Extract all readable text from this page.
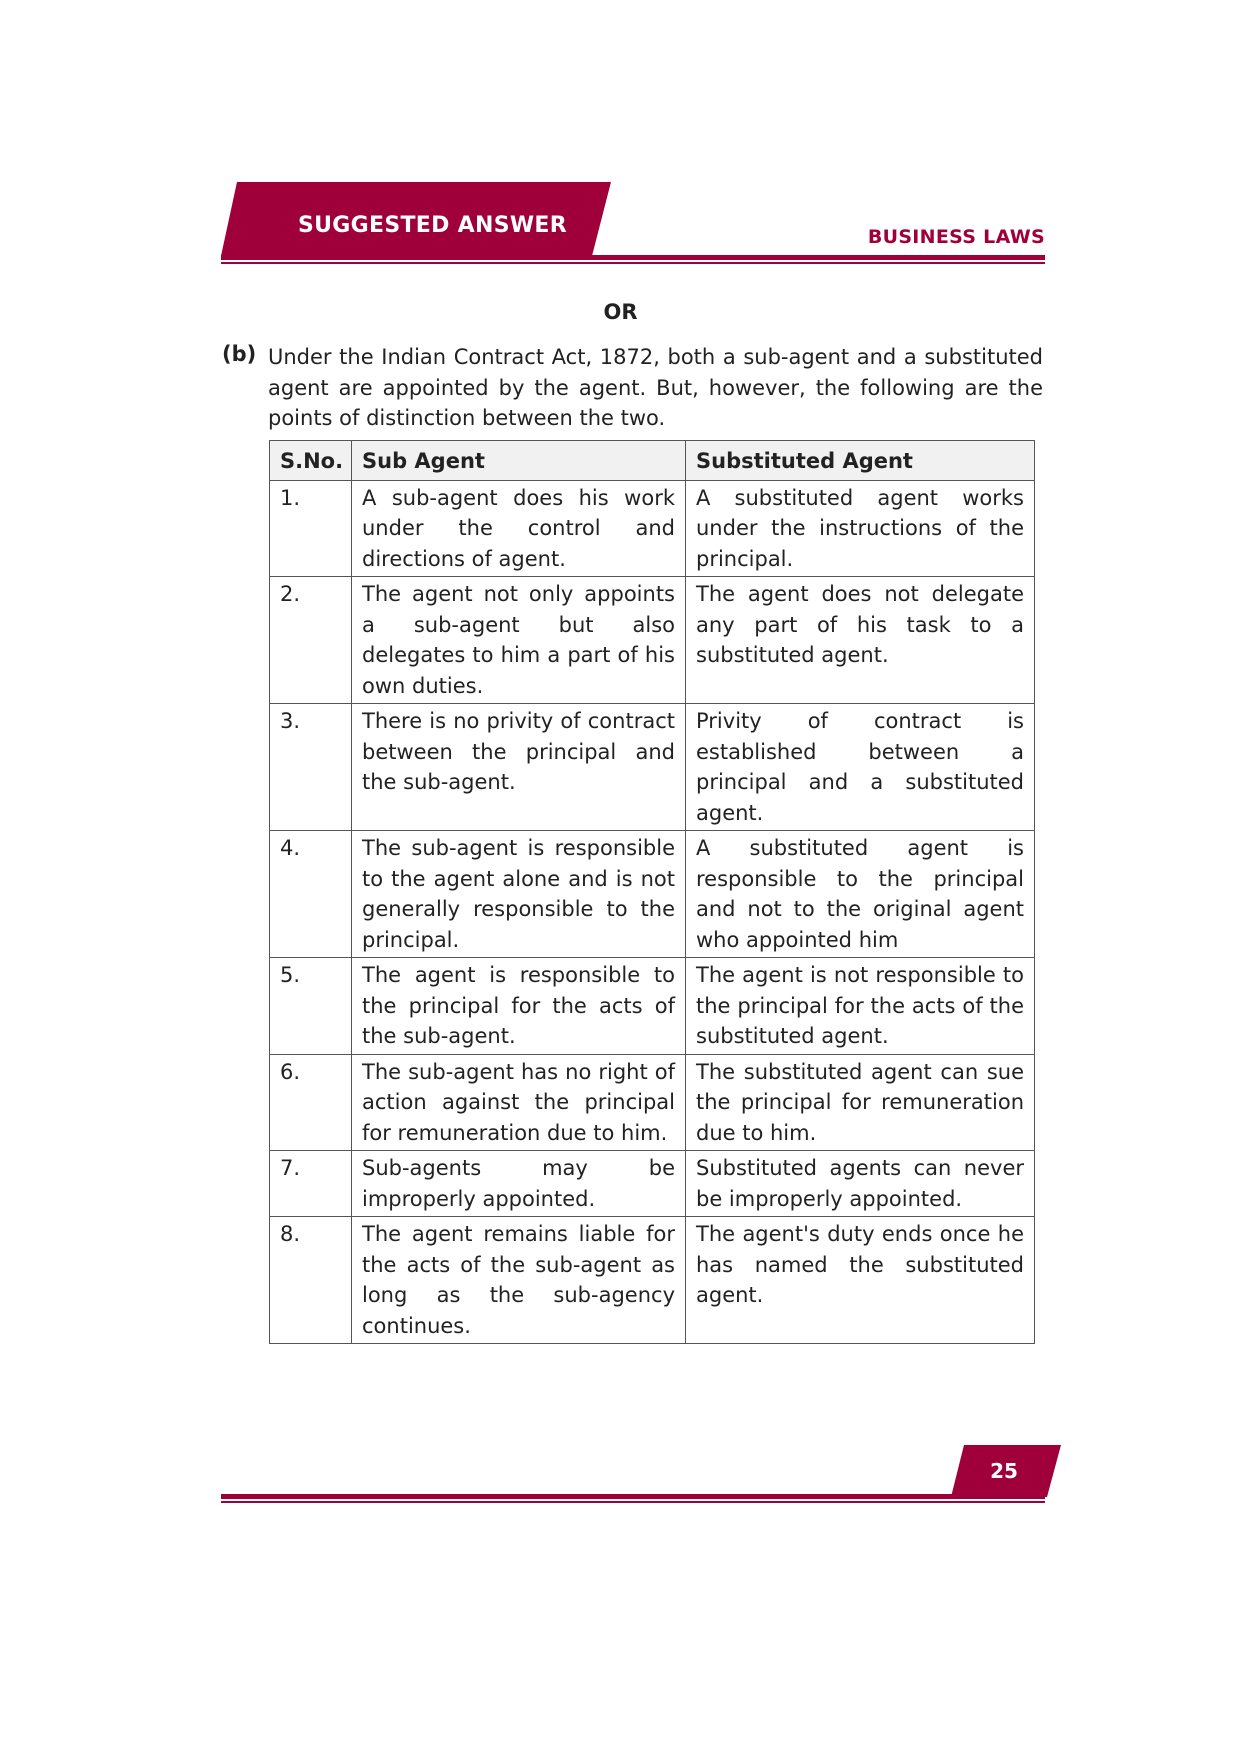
SUGGESTED ANSWER	BUSINESS LAWS
OR
(b) Under the Indian Contract Act, 1872, both a sub-agent and a substituted agent are appointed by the agent. But, however, the following are the points of distinction between the two.
S.No.	Sub Agent	Substituted Agent
1.	A sub-agent does his work under the control and directions of agent.	A substituted agent works under the instructions of the principal.
2.	The agent not only appoints a sub-agent but also delegates to him a part of his own duties.	The agent does not delegate any part of his task to a substituted agent.
3.	There is no privity of contract between the principal and the sub-agent.	Privity of contract is established between a principal and a substituted agent.
4.	The sub-agent is responsible to the agent alone and is not generally responsible to the principal.	A substituted agent is responsible to the principal and not to the original agent who appointed him
5.	The agent is responsible to the principal for the acts of the sub-agent.	The agent is not responsible to the principal for the acts of the substituted agent.
6.	The sub-agent has no right of action against the principal for remuneration due to him.	The substituted agent can sue the principal for remuneration due to him.
7.	Sub-agents may be improperly appointed.	Substituted agents can never be improperly appointed.
8.	The agent remains liable for the acts of the sub-agent as long as the sub-agency continues.	The agent's duty ends once he has named the substituted agent.
25
